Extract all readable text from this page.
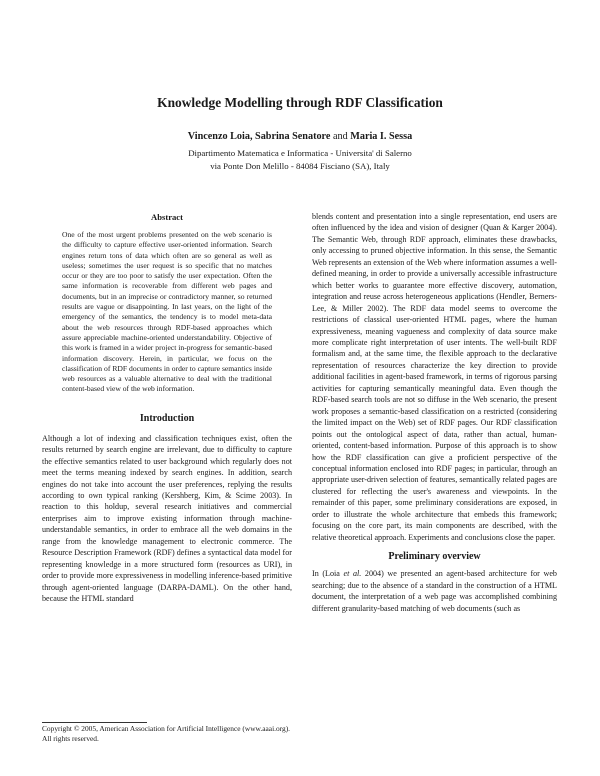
Knowledge Modelling through RDF Classification
Vincenzo Loia, Sabrina Senatore and Maria I. Sessa
Dipartimento Matematica e Informatica - Universita' di Salerno
via Ponte Don Melillo - 84084 Fisciano (SA), Italy
Abstract
One of the most urgent problems presented on the web scenario is the difficulty to capture effective user-oriented information. Search engines return tons of data which often are so general as well as useless; sometimes the user request is so specific that no matches occur or they are too poor to satisfy the user expectation. Often the same information is recoverable from different web pages and documents, but in an imprecise or contradictory manner, so returned results are vague or disappointing. In last years, on the light of the emergency of the semantics, the tendency is to model meta-data about the web resources through RDF-based approaches which assure appreciable machine-oriented understandability. Objective of this work is framed in a wider project in-progress for semantic-based information discovery. Herein, in particular, we focus on the classification of RDF documents in order to capture semantics inside web resources as a valuable alternative to deal with the traditional content-based view of the web information.
Introduction

Although a lot of indexing and classification techniques exist, often the results returned by search engine are irrelevant, due to difficulty to capture the effective semantics related to user background which regularly does not meet the terms meaning indexed by search engines. In addition, search engines do not take into account the user preferences, replying the results according to own typical ranking (Kershberg, Kim, & Scime 2003). In reaction to this holdup, several research initiatives and commercial enterprises aim to improve existing information through machine-understandable semantics, in order to embrace all the web domains in the range from the knowledge management to electronic commerce. The Resource Description Framework (RDF) defines a syntactical data model for representing knowledge in a more structured form (resources as URI), in order to provide more expressiveness in modelling inference-based primitive through agent-oriented language (DARPA-DAML). On the other hand, because the HTML standard

blends content and presentation into a single representation, end users are often influenced by the idea and vision of designer (Quan & Karger 2004). The Semantic Web, through RDF approach, eliminates these drawbacks, only accessing to pruned objective information. In this sense, the Semantic Web represents an extension of the Web where information assumes a well-defined meaning, in order to provide a universally accessible infrastructure which better works to guarantee more effective discovery, automation, integration and reuse across heterogeneous applications (Hendler, Berners-Lee, & Miller 2002). The RDF data model seems to overcome the restrictions of classical user-oriented HTML pages, where the human expressiveness, meaning vagueness and complexity of data source make more complicate right interpretation of user intents. The well-built RDF formalism and, at the same time, the flexible approach to the declarative representation of resources characterize the key direction to provide additional facilities in agent-based framework, in terms of rigorous parsing activities for capturing semantically meaningful data. Even though the RDF-based search tools are not so diffuse in the Web scenario, the present work proposes a semantic-based classification on a restricted (considering the limited impact on the Web) set of RDF pages. Our RDF classification points out the ontological aspect of data, rather than actual, human-oriented, content-based information. Purpose of this approach is to show how the RDF classification can give a proficient perspective of the conceptual information enclosed into RDF pages; in particular, through an appropriate user-driven selection of features, semantically related pages are clustered for reflecting the user's awareness and viewpoints. In the remainder of this paper, some preliminary considerations are exposed, in order to illustrate the whole architecture that embeds this framework; focusing on the core part, its main components are described, with the relative theoretical approach. Experiments and conclusions close the paper.

Preliminary overview

In (Loia et al. 2004) we presented an agent-based architecture for web searching; due to the absence of a standard in the construction of a HTML document, the interpretation of a web page was accomplished combining different granularity-based matching of web documents (such as

Copyright © 2005, American Association for Artificial Intelligence (www.aaai.org). All rights reserved.
